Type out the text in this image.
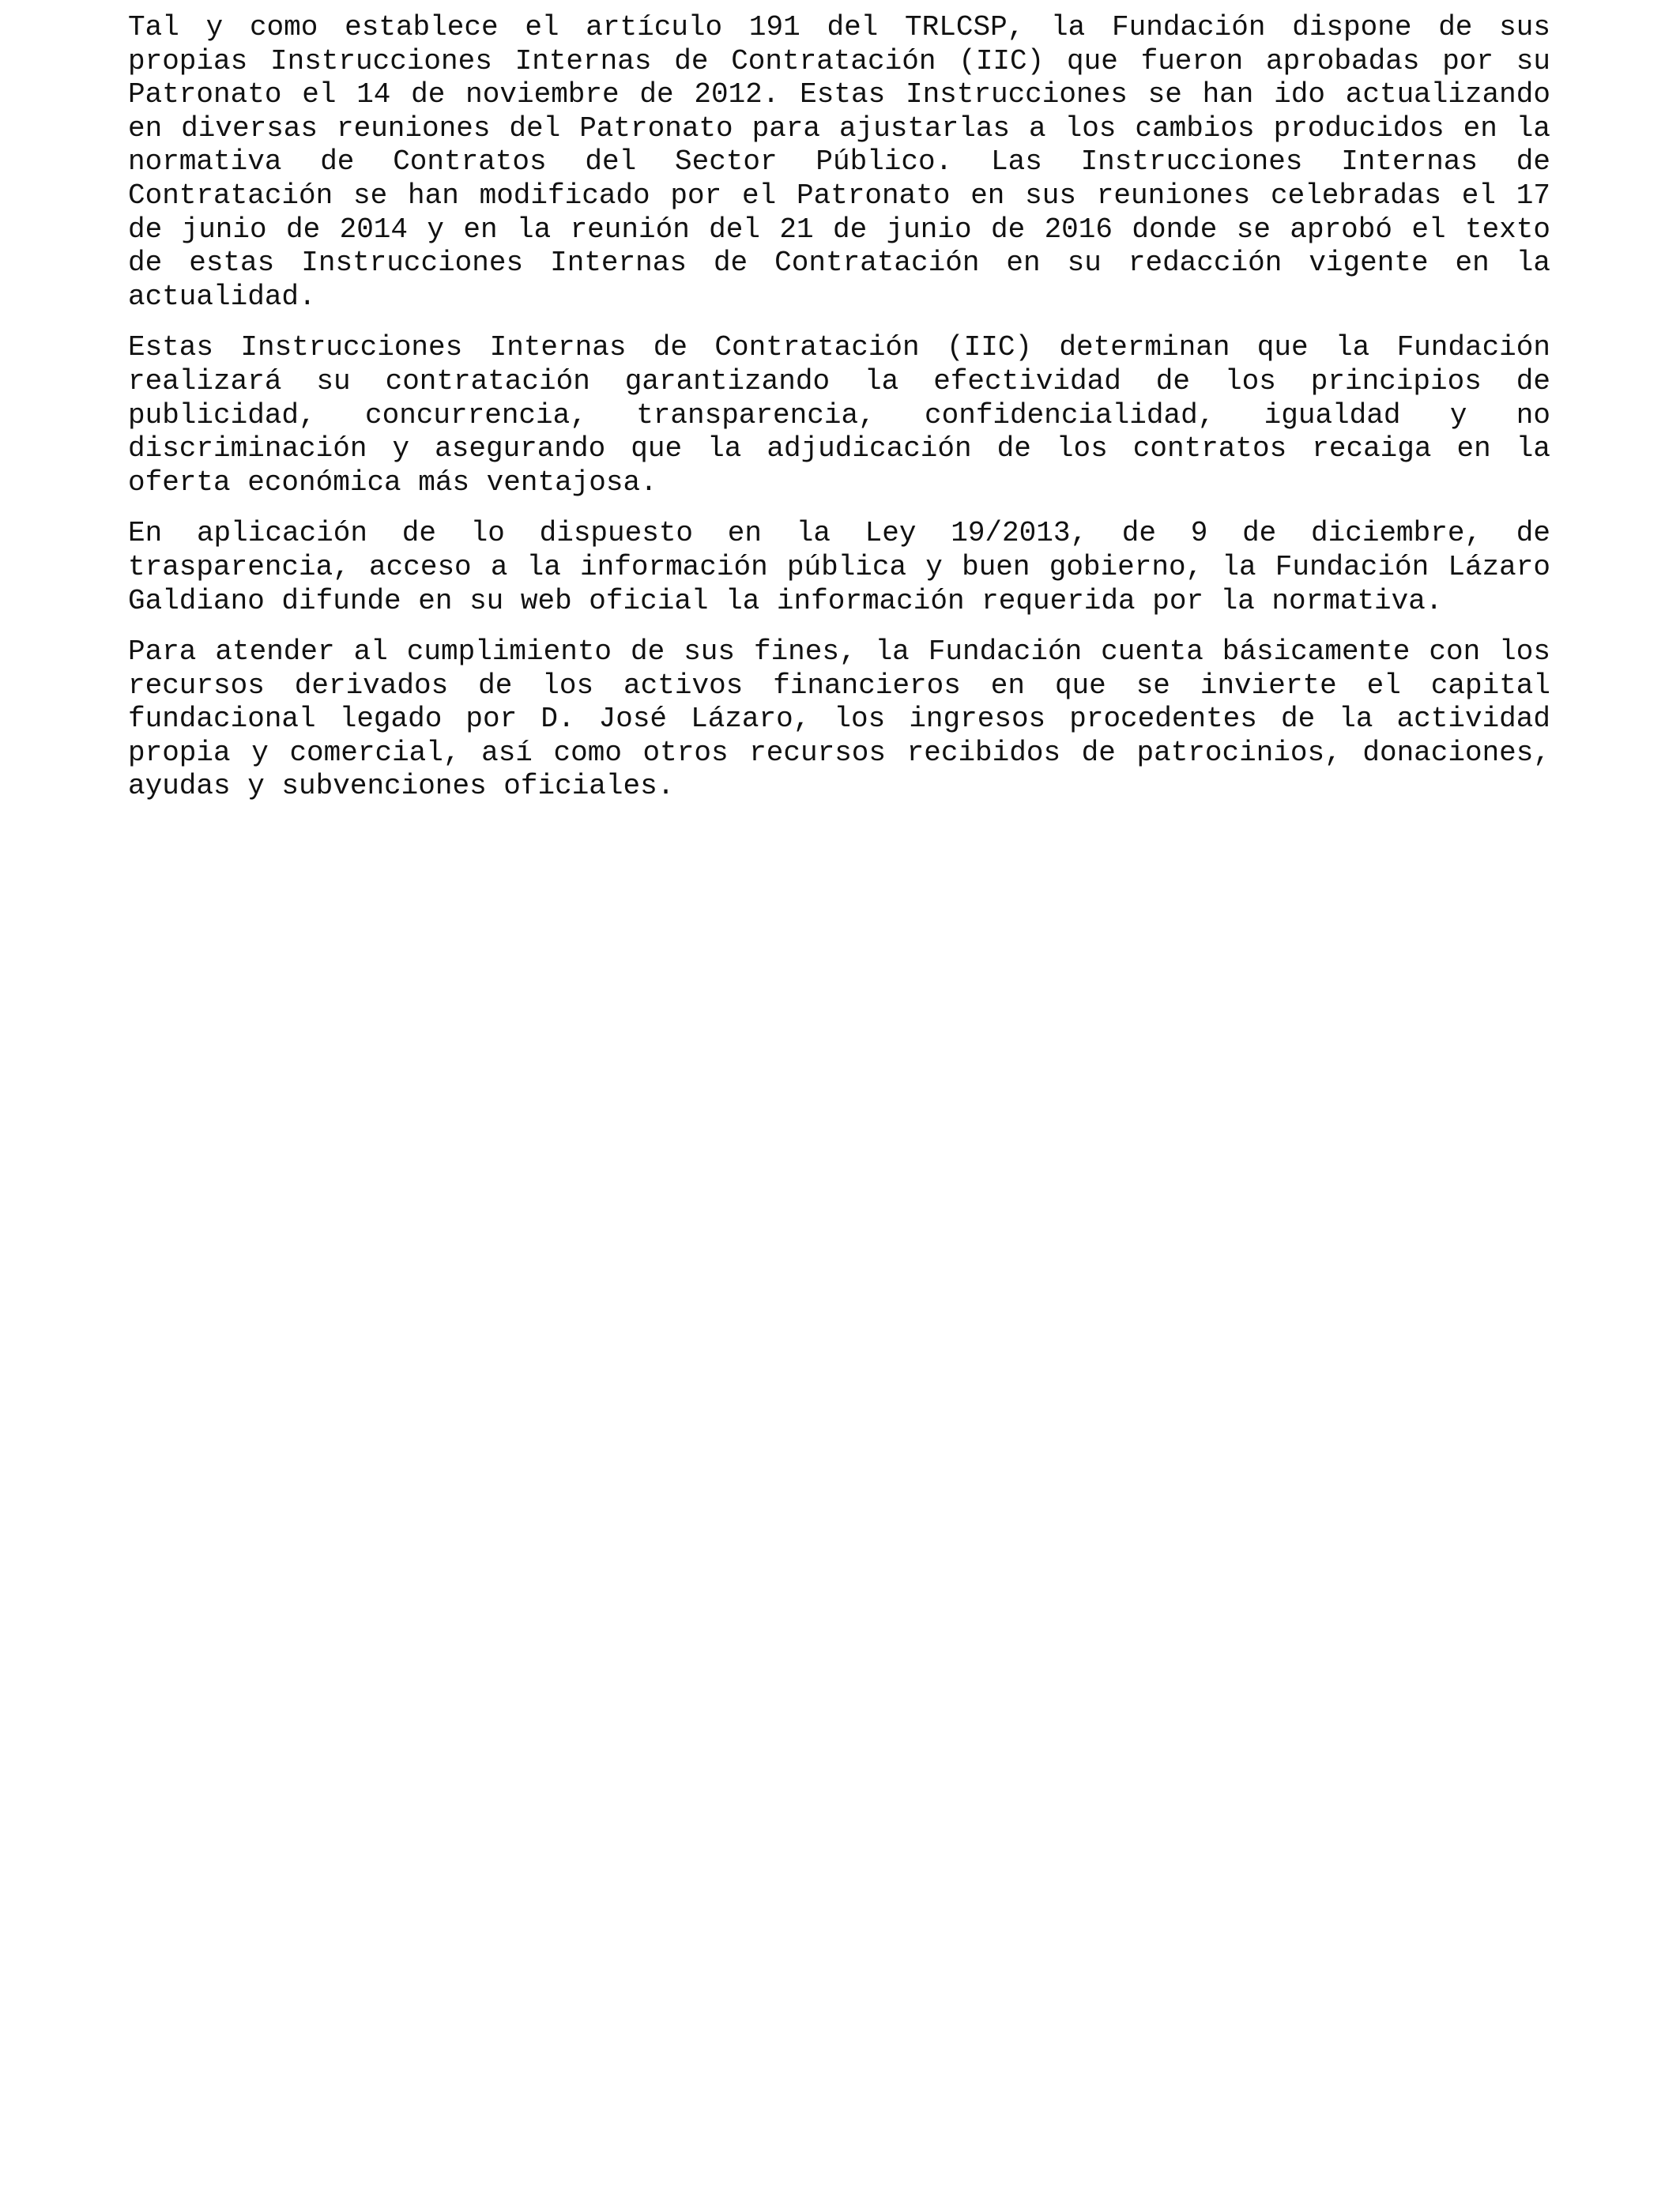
Tal y como establece el artículo 191 del TRLCSP, la Fundación dispone de sus propias Instrucciones Internas de Contratación (IIC) que fueron aprobadas por su Patronato el 14 de noviembre de 2012. Estas Instrucciones se han ido actualizando en diversas reuniones del Patronato para ajustarlas a los cambios producidos en la normativa de Contratos del Sector Público. Las Instrucciones Internas de Contratación se han modificado por el Patronato en sus reuniones celebradas el 17 de junio de 2014 y en la reunión del 21 de junio de 2016 donde se aprobó el texto de estas Instrucciones Internas de Contratación en su redacción vigente en la actualidad.

Estas Instrucciones Internas de Contratación (IIC) determinan que la Fundación realizará su contratación garantizando la efectividad de los principios de publicidad, concurrencia, transparencia, confidencialidad, igualdad y no discriminación y asegurando que la adjudicación de los contratos recaiga en la oferta económica más ventajosa.

En aplicación de lo dispuesto en la Ley 19/2013, de 9 de diciembre, de trasparencia, acceso a la información pública y buen gobierno, la Fundación Lázaro Galdiano difunde en su web oficial la información requerida por la normativa.

Para atender al cumplimiento de sus fines, la Fundación cuenta básicamente con los recursos derivados de los activos financieros en que se invierte el capital fundacional legado por D. José Lázaro, los ingresos procedentes de la actividad propia y comercial, así como otros recursos recibidos de patrocinios, donaciones, ayudas y subvenciones oficiales.
